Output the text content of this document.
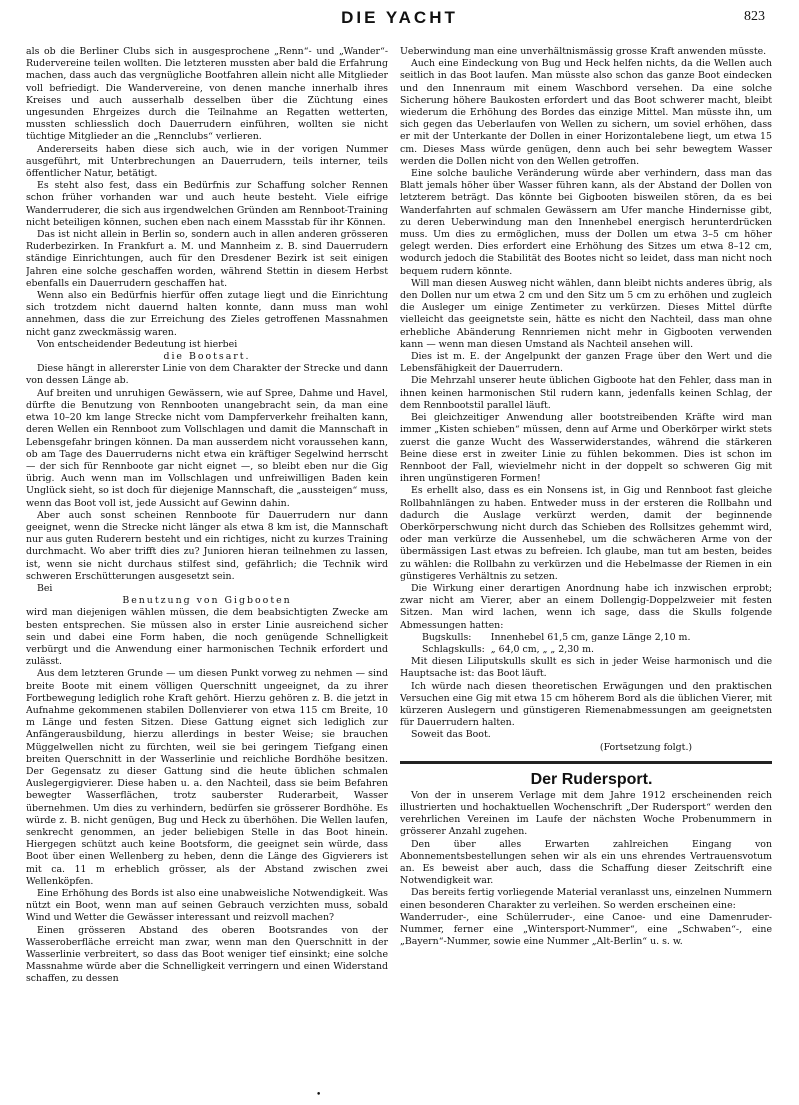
DIE YACHT	823

als ob die Berliner Clubs sich in ausgesprochene „Renn“- und „Wander“-Rudervereine teilen wollten. Die letzteren mussten aber bald die Erfahrung machen, dass auch das vergnügliche Bootfahren allein nicht alle Mitglieder voll befriedigt. Die Wandervereine, von denen manche innerhalb ihres Kreises und auch ausserhalb desselben über die Züchtung eines ungesunden Ehrgeizes durch die Teilnahme an Regatten wetterten, mussten schliesslich doch Dauerrudern einführen, wollten sie nicht tüchtige Mitglieder an die „Rennclubs“ verlieren.

Andererseits haben diese sich auch, wie in der vorigen Nummer ausgeführt, mit Unterbrechungen an Dauerrudern, teils interner, teils öffentlicher Natur, betätigt.

Es steht also fest, dass ein Bedürfnis zur Schaffung solcher Rennen schon früher vorhanden war und auch heute besteht. Viele eifrige Wanderruderer, die sich aus irgendwelchen Gründen am Rennboot-Training nicht beteiligen können, suchen eben nach einem Massstab für ihr Können.

Das ist nicht allein in Berlin so, sondern auch in allen anderen grösseren Ruderbezirken. In Frankfurt a. M. und Mannheim z. B. sind Dauerrudern ständige Einrichtungen, auch für den Dresdener Bezirk ist seit einigen Jahren eine solche geschaffen worden, während Stettin in diesem Herbst ebenfalls ein Dauerrudern geschaffen hat.

Wenn also ein Bedürfnis hierfür offen zutage liegt und die Einrichtung sich trotzdem nicht dauernd halten konnte, dann muss man wohl annehmen, dass die zur Erreichung des Zieles getroffenen Massnahmen nicht ganz zweckmässig waren.

Von entscheidender Bedeutung ist hierbei

die Bootsart.

Diese hängt in allererster Linie von dem Charakter der Strecke und dann von dessen Länge ab.

Auf breiten und unruhigen Gewässern, wie auf Spree, Dahme und Havel, dürfte die Benutzung von Rennbooten unangebracht sein, da man eine etwa 10–20 km lange Strecke nicht vom Dampferverkehr freihalten kann, deren Wellen ein Rennboot zum Vollschlagen und damit die Mannschaft in Lebensgefahr bringen können. Da man ausserdem nicht voraussehen kann, ob am Tage des Dauerruderns nicht etwa ein kräftiger Segelwind herrscht — der sich für Rennboote gar nicht eignet —, so bleibt eben nur die Gig übrig. Auch wenn man im Vollschlagen und unfreiwilligen Baden kein Unglück sieht, so ist doch für diejenige Mannschaft, die „aussteigen“ muss, wenn das Boot voll ist, jede Aussicht auf Gewinn dahin.

Aber auch sonst scheinen Rennboote für Dauerrudern nur dann geeignet, wenn die Strecke nicht länger als etwa 8 km ist, die Mannschaft nur aus guten Ruderern besteht und ein richtiges, nicht zu kurzes Training durchmacht. Wo aber trifft dies zu? Junioren hieran teilnehmen zu lassen, ist, wenn sie nicht durchaus stilfest sind, gefährlich; die Technik wird schweren Erschütterungen ausgesetzt sein.

Bei

Benutzung von Gigbooten

wird man diejenigen wählen müssen, die dem beabsichtigten Zwecke am besten entsprechen. Sie müssen also in erster Linie ausreichend sicher sein und dabei eine Form haben, die noch genügende Schnelligkeit verbürgt und die Anwendung einer harmonischen Technik erfordert und zulässt.

Aus dem letzteren Grunde — um diesen Punkt vorweg zu nehmen — sind breite Boote mit einem völligen Querschnitt ungeeignet, da zu ihrer Fortbewegung lediglich rohe Kraft gehört. Hierzu gehören z. B. die jetzt in Aufnahme gekommenen stabilen Dollenvierer von etwa 115 cm Breite, 10 m Länge und festen Sitzen. Diese Gattung eignet sich lediglich zur Anfängerausbildung, hierzu allerdings in bester Weise; sie brauchen Müggelwellen nicht zu fürchten, weil sie bei geringem Tiefgang einen breiten Querschnitt in der Wasserlinie und reichliche Bordhöhe besitzen. Der Gegensatz zu dieser Gattung sind die heute üblichen schmalen Auslegergigvierer. Diese haben u. a. den Nachteil, dass sie beim Befahren bewegter Wasserflächen, trotz sauberster Ruderarbeit, Wasser übernehmen. Um dies zu verhindern, bedürfen sie grösserer Bordhöhe. Es würde z. B. nicht genügen, Bug und Heck zu überhöhen. Die Wellen laufen, senkrecht genommen, an jeder beliebigen Stelle in das Boot hinein. Hiergegen schützt auch keine Bootsform, die geeignet sein würde, dass Boot über einen Wellenberg zu heben, denn die Länge des Gigvierers ist mit ca. 11 m erheblich grösser, als der Abstand zwischen zwei Wellenköpfen.

Eine Erhöhung des Bords ist also eine unabweisliche Notwendigkeit. Was nützt ein Boot, wenn man auf seinen Gebrauch verzichten muss, sobald Wind und Wetter die Gewässer interessant und reizvoll machen?

Einen grösseren Abstand des oberen Bootsrandes von der Wasseroberfläche erreicht man zwar, wenn man den Querschnitt in der Wasserlinie verbreitert, so dass das Boot weniger tief einsinkt; eine solche Massnahme würde aber die Schnelligkeit verringern und einen Widerstand schaffen, zu dessen

Ueberwindung man eine unverhältnismässig grosse Kraft anwenden müsste.

Auch eine Eindeckung von Bug und Heck helfen nichts, da die Wellen auch seitlich in das Boot laufen. Man müsste also schon das ganze Boot eindecken und den Innenraum mit einem Waschbord versehen. Da eine solche Sicherung höhere Baukosten erfordert und das Boot schwerer macht, bleibt wiederum die Erhöhung des Bordes das einzige Mittel. Man müsste ihn, um sich gegen das Ueberlaufen von Wellen zu sichern, um soviel erhöhen, dass er mit der Unterkante der Dollen in einer Horizontalebene liegt, um etwa 15 cm. Dieses Mass würde genügen, denn auch bei sehr bewegtem Wasser werden die Dollen nicht von den Wellen getroffen.

Eine solche bauliche Veränderung würde aber verhindern, dass man das Blatt jemals höher über Wasser führen kann, als der Abstand der Dollen von letzterem beträgt. Das könnte bei Gigbooten bisweilen stören, da es bei Wanderfahrten auf schmalen Gewässern am Ufer manche Hindernisse gibt, zu deren Ueberwindung man den Innenhebel energisch herunterdrücken muss. Um dies zu ermöglichen, muss der Dollen um etwa 3–5 cm höher gelegt werden. Dies erfordert eine Erhöhung des Sitzes um etwa 8–12 cm, wodurch jedoch die Stabilität des Bootes nicht so leidet, dass man nicht noch bequem rudern könnte.

Will man diesen Ausweg nicht wählen, dann bleibt nichts anderes übrig, als den Dollen nur um etwa 2 cm und den Sitz um 5 cm zu erhöhen und zugleich die Ausleger um einige Zentimeter zu verkürzen. Dieses Mittel dürfte vielleicht das geeignetste sein, hätte es nicht den Nachteil, dass man ohne erhebliche Abänderung Rennriemen nicht mehr in Gigbooten verwenden kann — wenn man diesen Umstand als Nachteil ansehen will.

Dies ist m. E. der Angelpunkt der ganzen Frage über den Wert und die Lebensfähigkeit der Dauerrudern.

Die Mehrzahl unserer heute üblichen Gigboote hat den Fehler, dass man in ihnen keinen harmonischen Stil rudern kann, jedenfalls keinen Schlag, der dem Rennbootstil parallel läuft.

Bei gleichzeitiger Anwendung aller bootstreibenden Kräfte wird man immer „Kisten schieben“ müssen, denn auf Arme und Oberkörper wirkt stets zuerst die ganze Wucht des Wasserwiderstandes, während die stärkeren Beine diese erst in zweiter Linie zu fühlen bekommen. Dies ist schon im Rennboot der Fall, wievielmehr nicht in der doppelt so schweren Gig mit ihren ungünstigeren Formen!

Es erhellt also, dass es ein Nonsens ist, in Gig und Rennboot fast gleiche Rollbahnlängen zu haben. Entweder muss in der ersteren die Rollbahn und dadurch die Auslage verkürzt werden, damit der beginnende Oberkörperschwung nicht durch das Schieben des Rollsitzes gehemmt wird, oder man verkürze die Aussenhebel, um die schwächeren Arme von der übermässigen Last etwas zu befreien. Ich glaube, man tut am besten, beides zu wählen: die Rollbahn zu verkürzen und die Hebelmasse der Riemen in ein günstigeres Verhältnis zu setzen.

Die Wirkung einer derartigen Anordnung habe ich inzwischen erprobt; zwar nicht am Vierer, aber an einem Dollengig-Doppelzweier mit festen Sitzen. Man wird lachen, wenn ich sage, dass die Skulls folgende Abmessungen hatten:

Bugskulls:	Innenhebel 61,5 cm, ganze Länge 2,10 m.
Schlagskulls:	„ 64,0 cm, „ „ 2,30 m.

Mit diesen Liliputskulls skullt es sich in jeder Weise harmonisch und die Hauptsache ist: das Boot läuft.

Ich würde nach diesen theoretischen Erwägungen und den praktischen Versuchen eine Gig mit etwa 15 cm höherem Bord als die üblichen Vierer, mit kürzeren Auslegern und günstigeren Riemenabmessungen am geeignetsten für Dauerrudern halten.

Soweit das Boot.

(Fortsetzung folgt.)

Der Rudersport.

Von der in unserem Verlage mit dem Jahre 1912 erscheinenden reich illustrierten und hochaktuellen Wochenschrift „Der Rudersport“ werden den verehrlichen Vereinen im Laufe der nächsten Woche Probenummern in grösserer Anzahl zugehen.

Den über alles Erwarten zahlreichen Eingang von Abonnementsbestellungen sehen wir als ein uns ehrendes Vertrauensvotum an. Es beweist aber auch, dass die Schaffung dieser Zeitschrift eine Notwendigkeit war.

Das bereits fertig vorliegende Material veranlasst uns, einzelnen Nummern einen besonderen Charakter zu verleihen. So werden erscheinen eine:

Wanderruder-, eine Schülerruder-, eine Canoe- und eine Damenruder-Nummer, ferner eine „Wintersport-Nummer“, eine „Schwaben“-, eine „Bayern“-Nummer, sowie eine Nummer „Alt-Berlin“ u. s. w.

•
